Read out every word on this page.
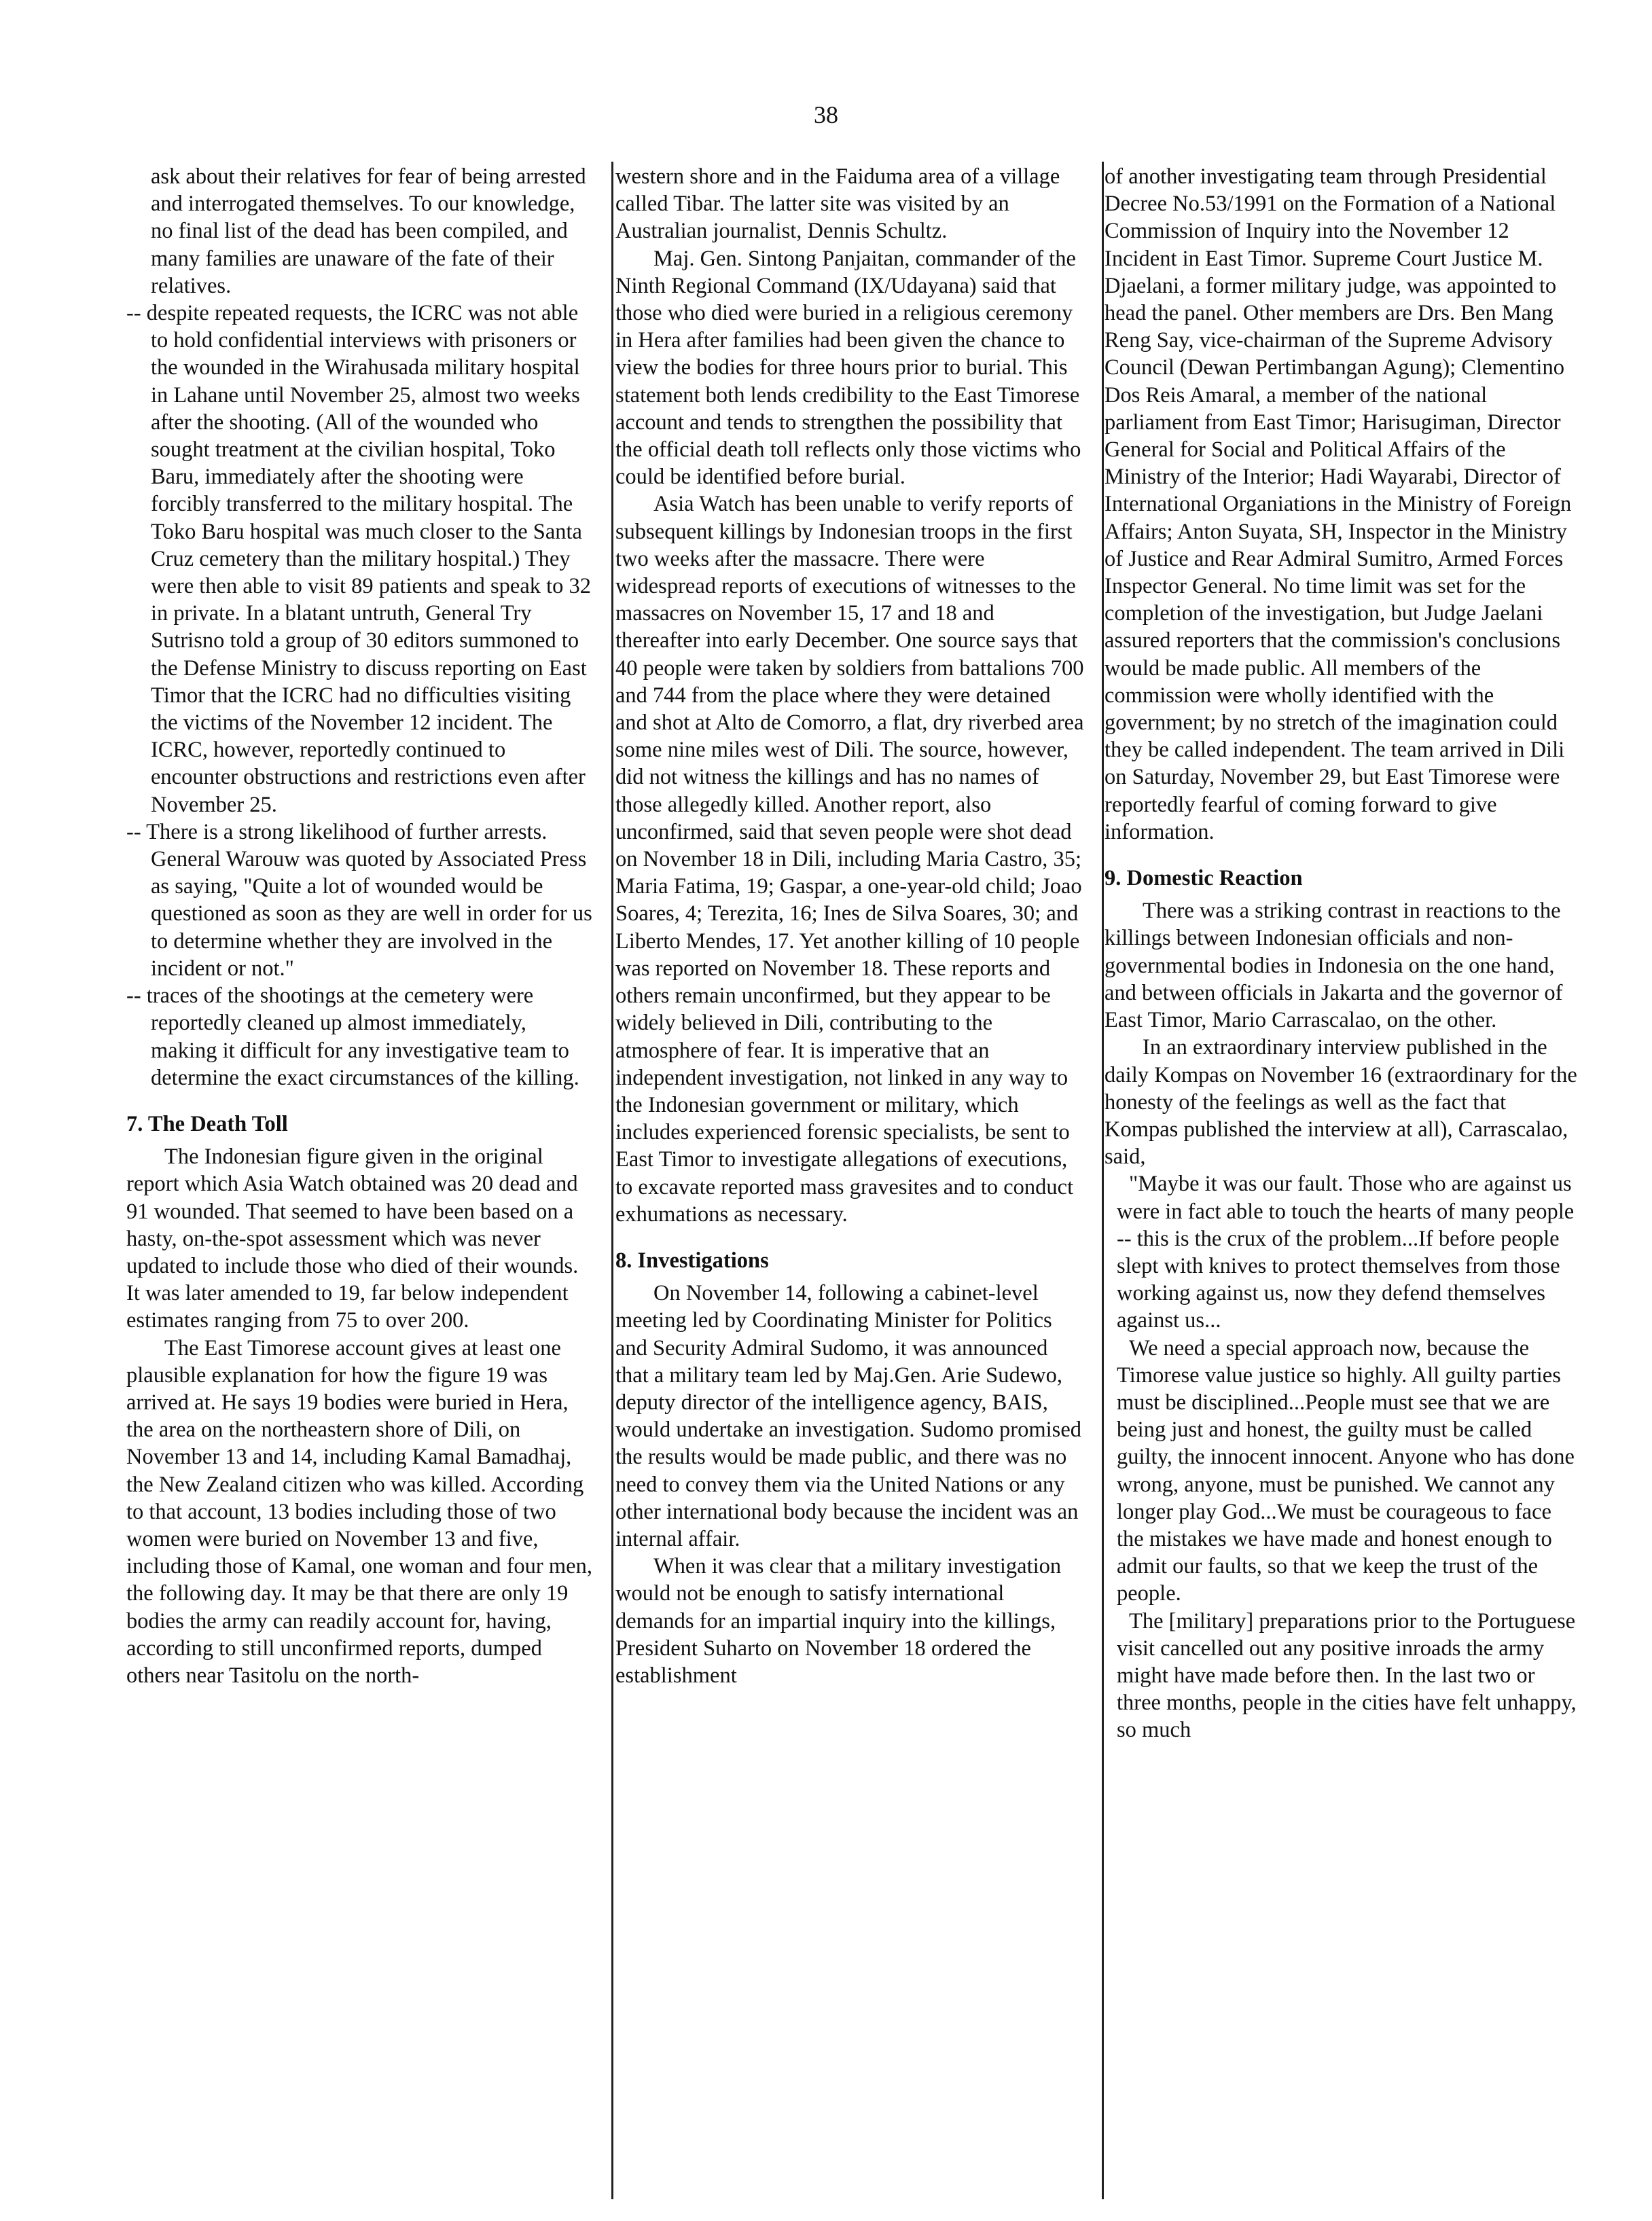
38

ask about their relatives for fear of being arrested and interrogated themselves. To our knowledge, no final list of the dead has been compiled, and many families are unaware of the fate of their relatives.

-- despite repeated requests, the ICRC was not able to hold confidential interviews with prisoners or the wounded in the Wirahusada military hospital in Lahane until November 25, almost two weeks after the shooting. (All of the wounded who sought treatment at the civilian hospital, Toko Baru, immediately after the shooting were forcibly transferred to the military hospital. The Toko Baru hospital was much closer to the Santa Cruz cemetery than the military hospital.) They were then able to visit 89 patients and speak to 32 in private. In a blatant untruth, General Try Sutrisno told a group of 30 editors summoned to the Defense Ministry to discuss reporting on East Timor that the ICRC had no difficulties visiting the victims of the November 12 incident. The ICRC, however, reportedly continued to encounter obstructions and restrictions even after November 25.

-- There is a strong likelihood of further arrests. General Warouw was quoted by Associated Press as saying, "Quite a lot of wounded would be questioned as soon as they are well in order for us to determine whether they are involved in the incident or not."

-- traces of the shootings at the cemetery were reportedly cleaned up almost immediately, making it difficult for any investigative team to determine the exact circumstances of the killing.

7. The Death Toll

The Indonesian figure given in the original report which Asia Watch obtained was 20 dead and 91 wounded. That seemed to have been based on a hasty, on-the-spot assessment which was never updated to include those who died of their wounds. It was later amended to 19, far below independent estimates ranging from 75 to over 200.

The East Timorese account gives at least one plausible explanation for how the figure 19 was arrived at. He says 19 bodies were buried in Hera, the area on the northeastern shore of Dili, on November 13 and 14, including Kamal Bamadhaj, the New Zealand citizen who was killed. According to that account, 13 bodies including those of two women were buried on November 13 and five, including those of Kamal, one woman and four men, the following day. It may be that there are only 19 bodies the army can readily account for, having, according to still unconfirmed reports, dumped others near Tasitolu on the north-

western shore and in the Faiduma area of a village called Tibar. The latter site was visited by an Australian journalist, Dennis Schultz.

Maj. Gen. Sintong Panjaitan, commander of the Ninth Regional Command (IX/Udayana) said that those who died were buried in a religious ceremony in Hera after families had been given the chance to view the bodies for three hours prior to burial. This statement both lends credibility to the East Timorese account and tends to strengthen the possibility that the official death toll reflects only those victims who could be identified before burial.

Asia Watch has been unable to verify reports of subsequent killings by Indonesian troops in the first two weeks after the massacre. There were widespread reports of executions of witnesses to the massacres on November 15, 17 and 18 and thereafter into early December. One source says that 40 people were taken by soldiers from battalions 700 and 744 from the place where they were detained and shot at Alto de Comorro, a flat, dry riverbed area some nine miles west of Dili. The source, however, did not witness the killings and has no names of those allegedly killed. Another report, also unconfirmed, said that seven people were shot dead on November 18 in Dili, including Maria Castro, 35; Maria Fatima, 19; Gaspar, a one-year-old child; Joao Soares, 4; Terezita, 16; Ines de Silva Soares, 30; and Liberto Mendes, 17. Yet another killing of 10 people was reported on November 18. These reports and others remain unconfirmed, but they appear to be widely believed in Dili, contributing to the atmosphere of fear. It is imperative that an independent investigation, not linked in any way to the Indonesian government or military, which includes experienced forensic specialists, be sent to East Timor to investigate allegations of executions, to excavate reported mass gravesites and to conduct exhumations as necessary.

8. Investigations

On November 14, following a cabinet-level meeting led by Coordinating Minister for Politics and Security Admiral Sudomo, it was announced that a military team led by Maj.Gen. Arie Sudewo, deputy director of the intelligence agency, BAIS, would undertake an investigation. Sudomo promised the results would be made public, and there was no need to convey them via the United Nations or any other international body because the incident was an internal affair.

When it was clear that a military investigation would not be enough to satisfy international demands for an impartial inquiry into the killings, President Suharto on November 18 ordered the establishment

of another investigating team through Presidential Decree No.53/1991 on the Formation of a National Commission of Inquiry into the November 12 Incident in East Timor. Supreme Court Justice M. Djaelani, a former military judge, was appointed to head the panel. Other members are Drs. Ben Mang Reng Say, vice-chairman of the Supreme Advisory Council (Dewan Pertimbangan Agung); Clementino Dos Reis Amaral, a member of the national parliament from East Timor; Harisugiman, Director General for Social and Political Affairs of the Ministry of the Interior; Hadi Wayarabi, Director of International Organiations in the Ministry of Foreign Affairs; Anton Suyata, SH, Inspector in the Ministry of Justice and Rear Admiral Sumitro, Armed Forces Inspector General. No time limit was set for the completion of the investigation, but Judge Jaelani assured reporters that the commission's conclusions would be made public. All members of the commission were wholly identified with the government; by no stretch of the imagination could they be called independent. The team arrived in Dili on Saturday, November 29, but East Timorese were reportedly fearful of coming forward to give information.

9. Domestic Reaction

There was a striking contrast in reactions to the killings between Indonesian officials and non-governmental bodies in Indonesia on the one hand, and between officials in Jakarta and the governor of East Timor, Mario Carrascalao, on the other.

In an extraordinary interview published in the daily Kompas on November 16 (extraordinary for the honesty of the feelings as well as the fact that Kompas published the interview at all), Carrascalao, said,

"Maybe it was our fault. Those who are against us were in fact able to touch the hearts of many people -- this is the crux of the problem...If before people slept with knives to protect themselves from those working against us, now they defend themselves against us...

We need a special approach now, because the Timorese value justice so highly. All guilty parties must be disciplined...People must see that we are being just and honest, the guilty must be called guilty, the innocent innocent. Anyone who has done wrong, anyone, must be punished. We cannot any longer play God...We must be courageous to face the mistakes we have made and honest enough to admit our faults, so that we keep the trust of the people.

The [military] preparations prior to the Portuguese visit cancelled out any positive inroads the army might have made before then. In the last two or three months, people in the cities have felt unhappy, so much
